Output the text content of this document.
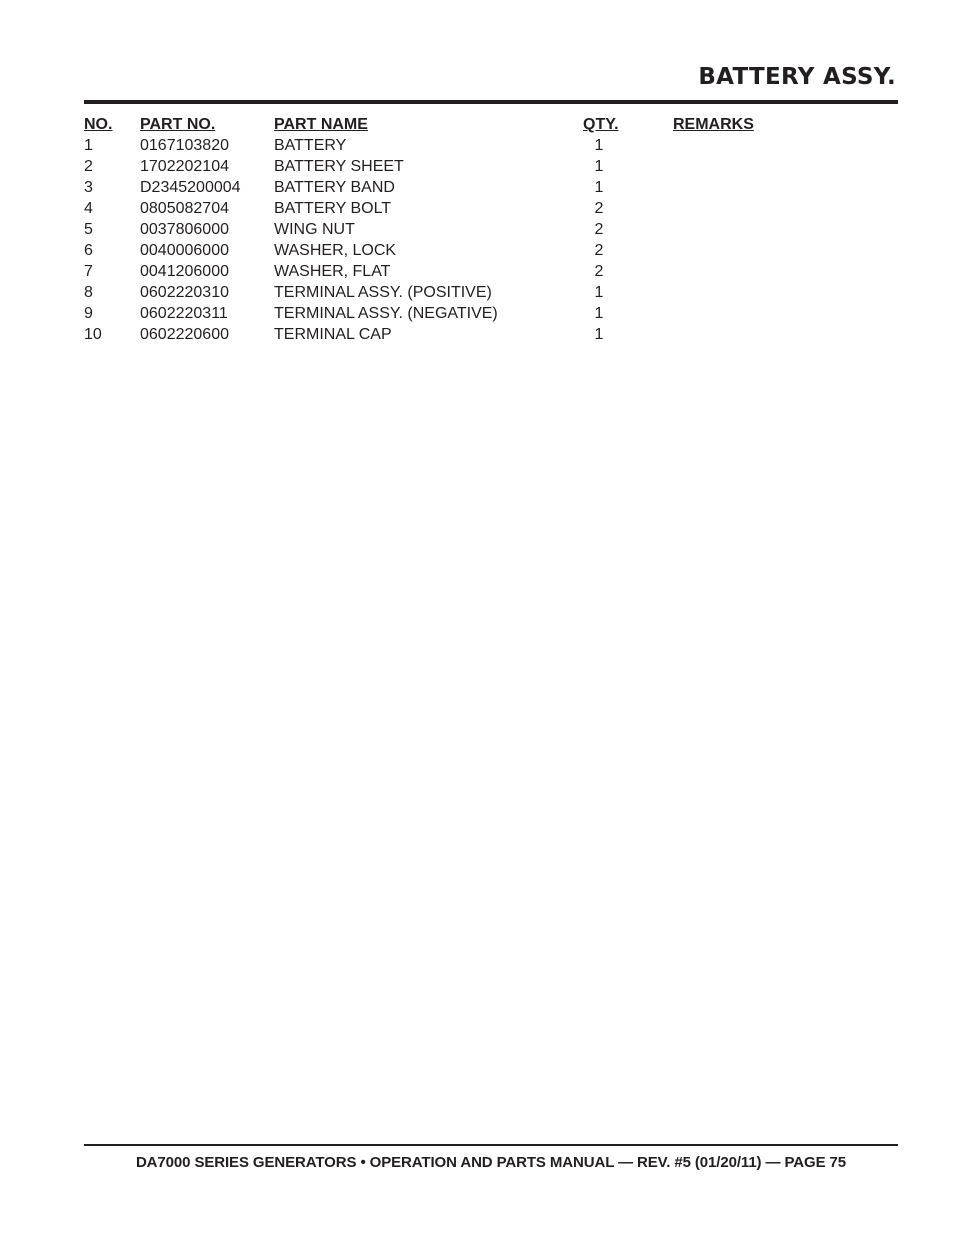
BATTERY ASSY.
NO. PART NO.	PART NAME	QTY.	REMARKS
1	0167103820	BATTERY	1
2	1702202104	BATTERY SHEET	1
3	D2345200004 BATTERY BAND	1
4	0805082704	BATTERY BOLT	2
5	0037806000	WING NUT	2
6	0040006000	WASHER, LOCK	2
7	0041206000	WASHER, FLAT	2
8	0602220310	TERMINAL ASSY. (POSITIVE)	1
9	0602220311	TERMINAL ASSY. (NEGATIVE)	1
10 0602220600	TERMINAL CAP	1
DA7000 SERIES GENERATORS • OPERATION AND PARTS MANUAL — REV. #5 (01/20/11) — PAGE 75
